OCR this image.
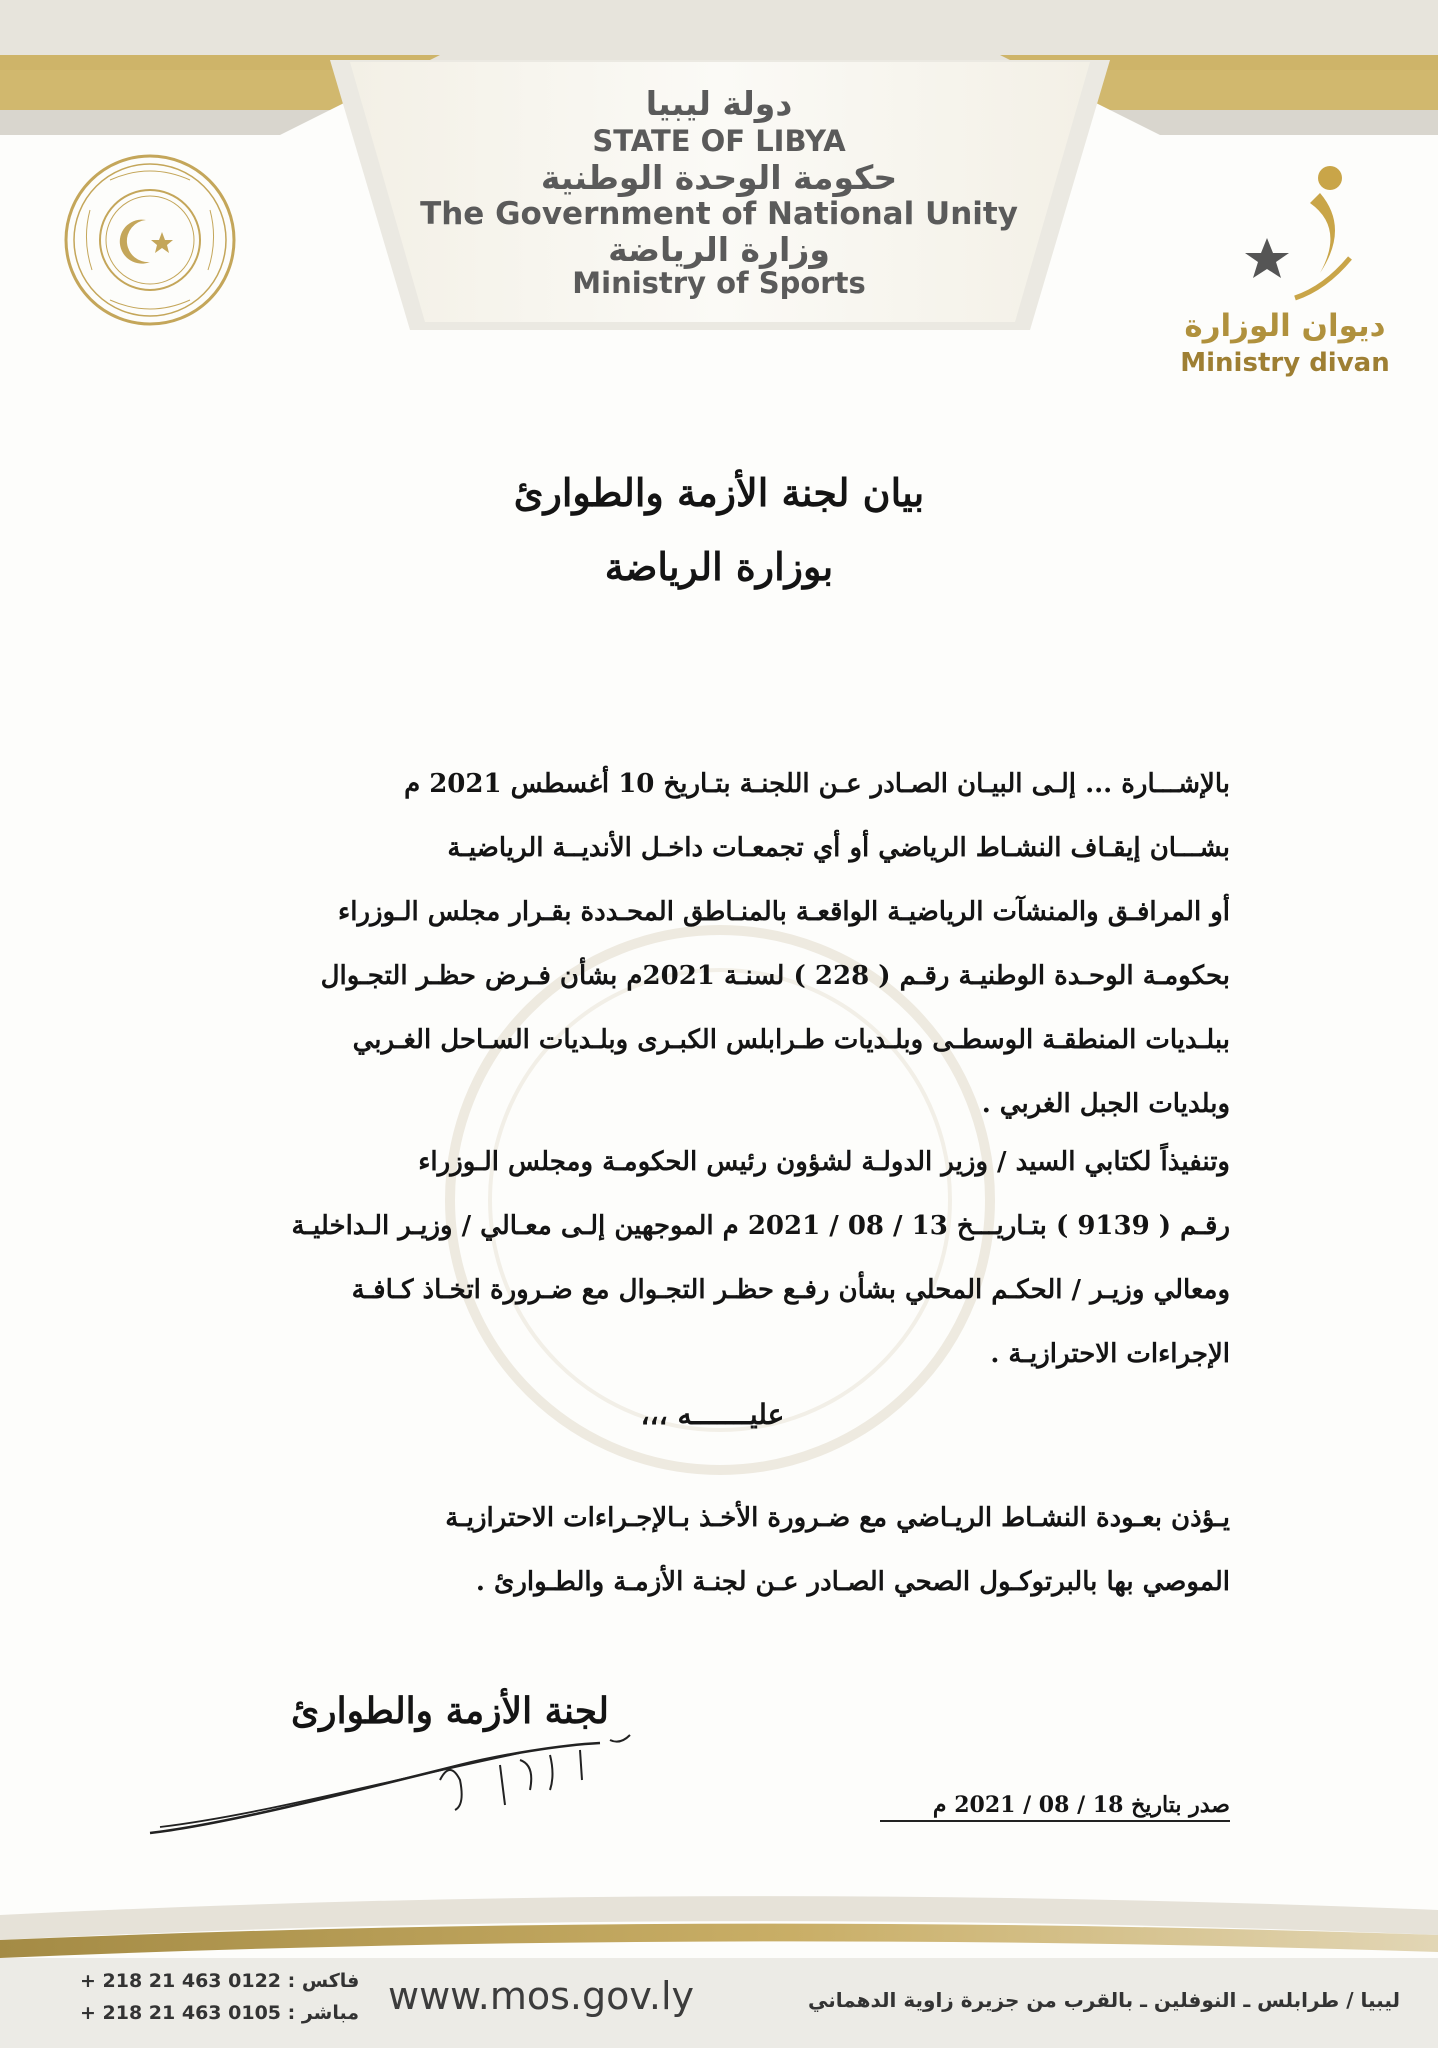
دولة ليبيا
STATE OF LIBYA
حكومة الوحدة الوطنية
The Government of National Unity
وزارة الرياضة
Ministry of Sports
ديوان الوزارة
Ministry divan
بيان لجنة الأزمة والطوارئ
بوزارة الرياضة
بالإشـــارة ... إلـى البيـان الصـادر عـن اللجنـة بتـاريخ 10 أغسطس 2021 م
بشـــان إيقـاف النشـاط الرياضي أو أي تجمعـات داخـل الأنديــة الرياضيـة
أو المرافـق والمنشآت الرياضيـة الواقعـة بالمنـاطق المحـددة بقـرار مجلس الـوزراء
بحكومـة الوحـدة الوطنيـة رقـم ( 228 ) لسنـة 2021م بشأن فـرض حظـر التجـوال
ببلـديات المنطقـة الوسطـى وبلـديات طـرابلس الكبـرى وبلـديات السـاحل الغـربي
وبلديات الجبل الغربي .
وتنفيذاً لكتابي السيد / وزير الدولـة لشؤون رئيس الحكومـة ومجلس الـوزراء
رقـم ( 9139 ) بتـاريـــخ 13 / 08 / 2021 م الموجهين إلـى معـالي / وزيـر الـداخليـة
ومعالي وزيـر / الحكـم المحلي بشأن رفـع حظـر التجـوال مع ضـرورة اتخـاذ كـافـة
الإجراءات الاحترازيـة .
عليـــــــه ،،،
يـؤذن بعـودة النشـاط الريـاضي مع ضـرورة الأخـذ بـالإجـراءات الاحترازيـة
الموصي بها بالبرتوكـول الصحي الصـادر عـن لجنـة الأزمـة والطـوارئ .
لجنة الأزمة والطوارئ
صدر بتاريخ 18 / 08 / 2021 م
+ 218 21 463 0122 : فاكس
+ 218 21 463 0105 : مباشر www.mos.gov.ly	ليبيا / طرابلس ـ النوفلين ـ بالقرب من جزيرة زاوية الدهماني
